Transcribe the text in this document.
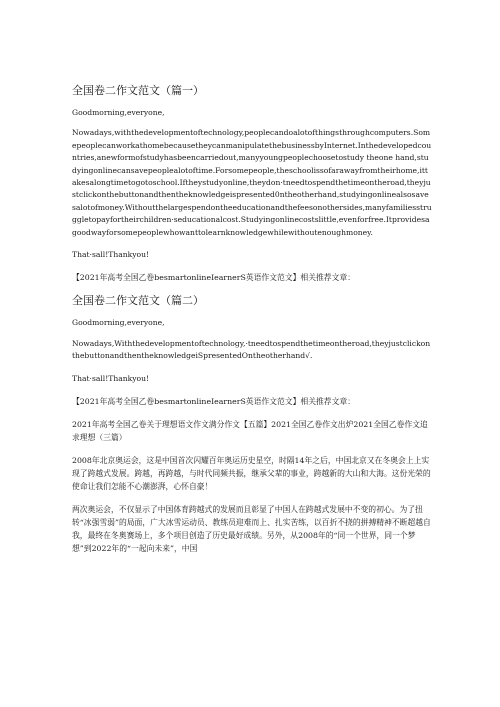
全国卷二作文范文（篇一）
Goodmorning,everyone,
Nowadays,withthedevelopmentoftechnology,peoplecandoalotofthingsthroughcomputers.SomepeoplecanworkathomebecausetheycanmanipulatethebusinessbyInternet.Inthedevelopedcountries,anewformofstudyhasbeencarriedout,manyyoungpeoplechoosetostudy theone hand,studyingonlinecansavepeoplealotoftime.Forsomepeople,theschoolissofarawayfromtheirhome,ittakesalongtimetogotoschool.Iftheystudyonline,theydon·tneedtospendthetimeontheroad,theyjustclickonthebuttonandthentheknowledgeispresented0ntheotherhand,studyingonlinealsosavesalotofmoney.Withoutthelargespendontheeducationandthefeesonothersides,manyfamiliesstruggletopayfortheirchildren·seducationalcost.Studyingonlinecostslittle,evenforfree.Itprovidesagoodwayforsomepeoplewhowanttolearnknowledgewhilewithoutenoughmoney.
That·sall!Thankyou!
【2021年高考全国乙卷besmartonlineIearnerS英语作文范文】相关推荐文章：
全国卷二作文范文（篇二）
Goodmorning,everyone,
Nowadays,Withthedevelopmentoftechnology,·tneedtospendthetimeontheroad,theyjustclickonthebuttonandthentheknowledgeiSpresentedOntheotherhand√.
That·sall!Thankyou!
【2021年高考全国乙卷besmartonlineIearnerS英语作文范文】相关推荐文章：
2021年高考全国乙卷关于理想语文作文满分作文【五篇】2021全国乙卷作文出炉2021全国乙卷作文追求理想（三篇）
2008年北京奥运会，这是中国首次闪耀百年奥运历史星空，时隔14年之后，中国北京又在冬奥会上上实现了跨越式发展。跨越，再跨越，与时代同频共振，继承父辈的事业，跨越新的大山和大海。这份光荣的使命让我们怎能不心潮澎湃，心怀自豪！
两次奥运会，不仅显示了中国体育跨越式的发展而且彰显了中国人在跨越式发展中不变的初心。为了扭转“冰强雪弱”的局面，广大冰雪运动员、教练员迎难而上、扎实苦练，以百折不挠的拼搏精神不断超越自我，最终在冬奥赛场上，多个项目创造了历史最好成绩。另外，从2008年的“同一个世界，同一个梦想”到2022年的“一起向未来”，中国
